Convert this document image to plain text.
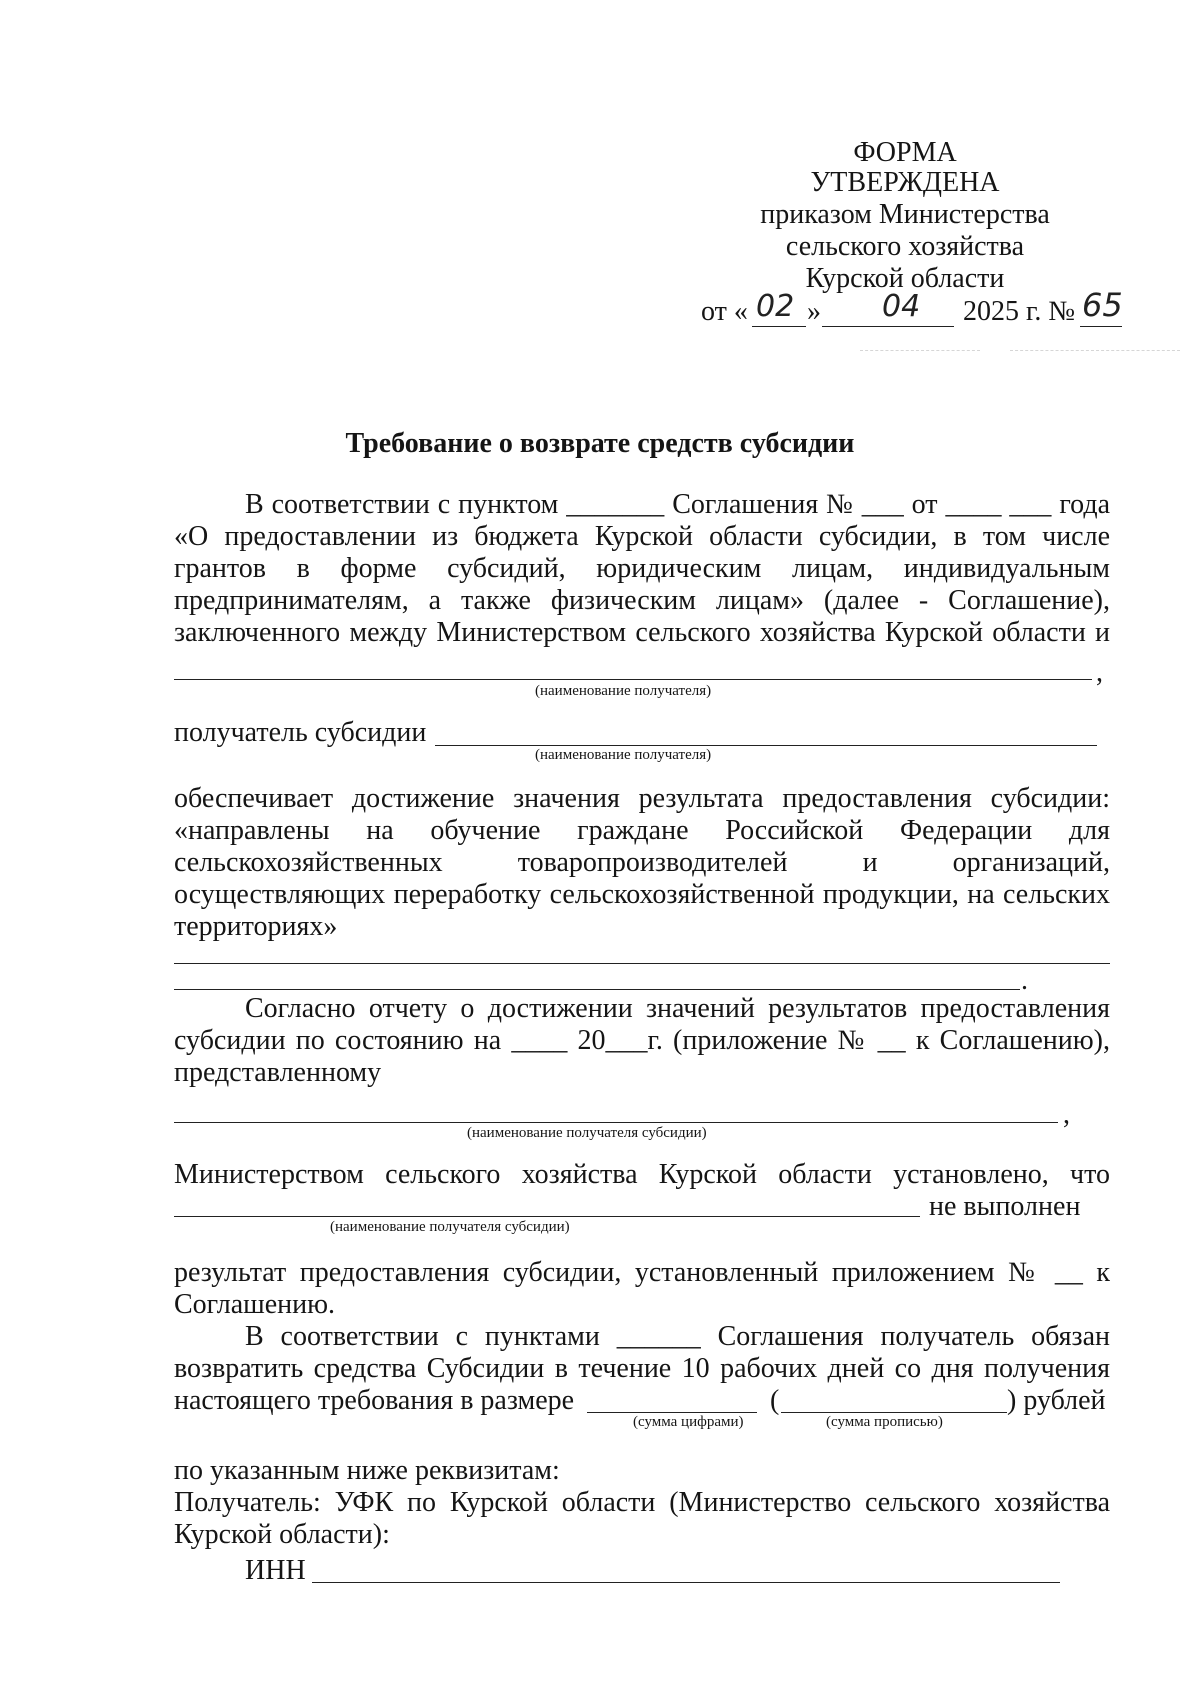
ФОРМА
УТВЕРЖДЕНА
приказом Министерства
сельского хозяйства
Курской области
от « 02 » 04 2025 г. № 65
Требование о возврате средств субсидии
В соответствии с пунктом _______ Соглашения № ___ от ____ ___ года
«О предоставлении из бюджета Курской области субсидии, в том числе
грантов в форме субсидий, юридическим лицам, индивидуальным
предпринимателям, а также физическим лицам» (далее - Соглашение),
заключенного между Министерством сельского хозяйства Курской области и
,
(наименование получателя)
получатель субсидии
(наименование получателя)
обеспечивает достижение значения результата предоставления субсидии:
«направлены на обучение граждане Российской Федерации для
сельскохозяйственных товаропроизводителей и организаций,
осуществляющих переработку сельскохозяйственной продукции, на сельских
территориях»
.
Согласно отчету о достижении значений результатов предоставления
субсидии по состоянию на ____ 20___г. (приложение № __ к Соглашению),
представленному
,
(наименование получателя субсидии)
Министерством сельского хозяйства Курской области установлено, что
не выполнен
(наименование получателя субсидии)
результат предоставления субсидии, установленный приложением № __ к
Соглашению.
В соответствии с пунктами ______ Соглашения получатель обязан
возвратить средства Субсидии в течение 10 рабочих дней со дня получения
настоящего требования в размере	(	) рублей
(сумма цифрами)	(сумма прописью)
по указанным ниже реквизитам:
Получатель: УФК по Курской области (Министерство сельского хозяйства
Курской области):
ИНН
